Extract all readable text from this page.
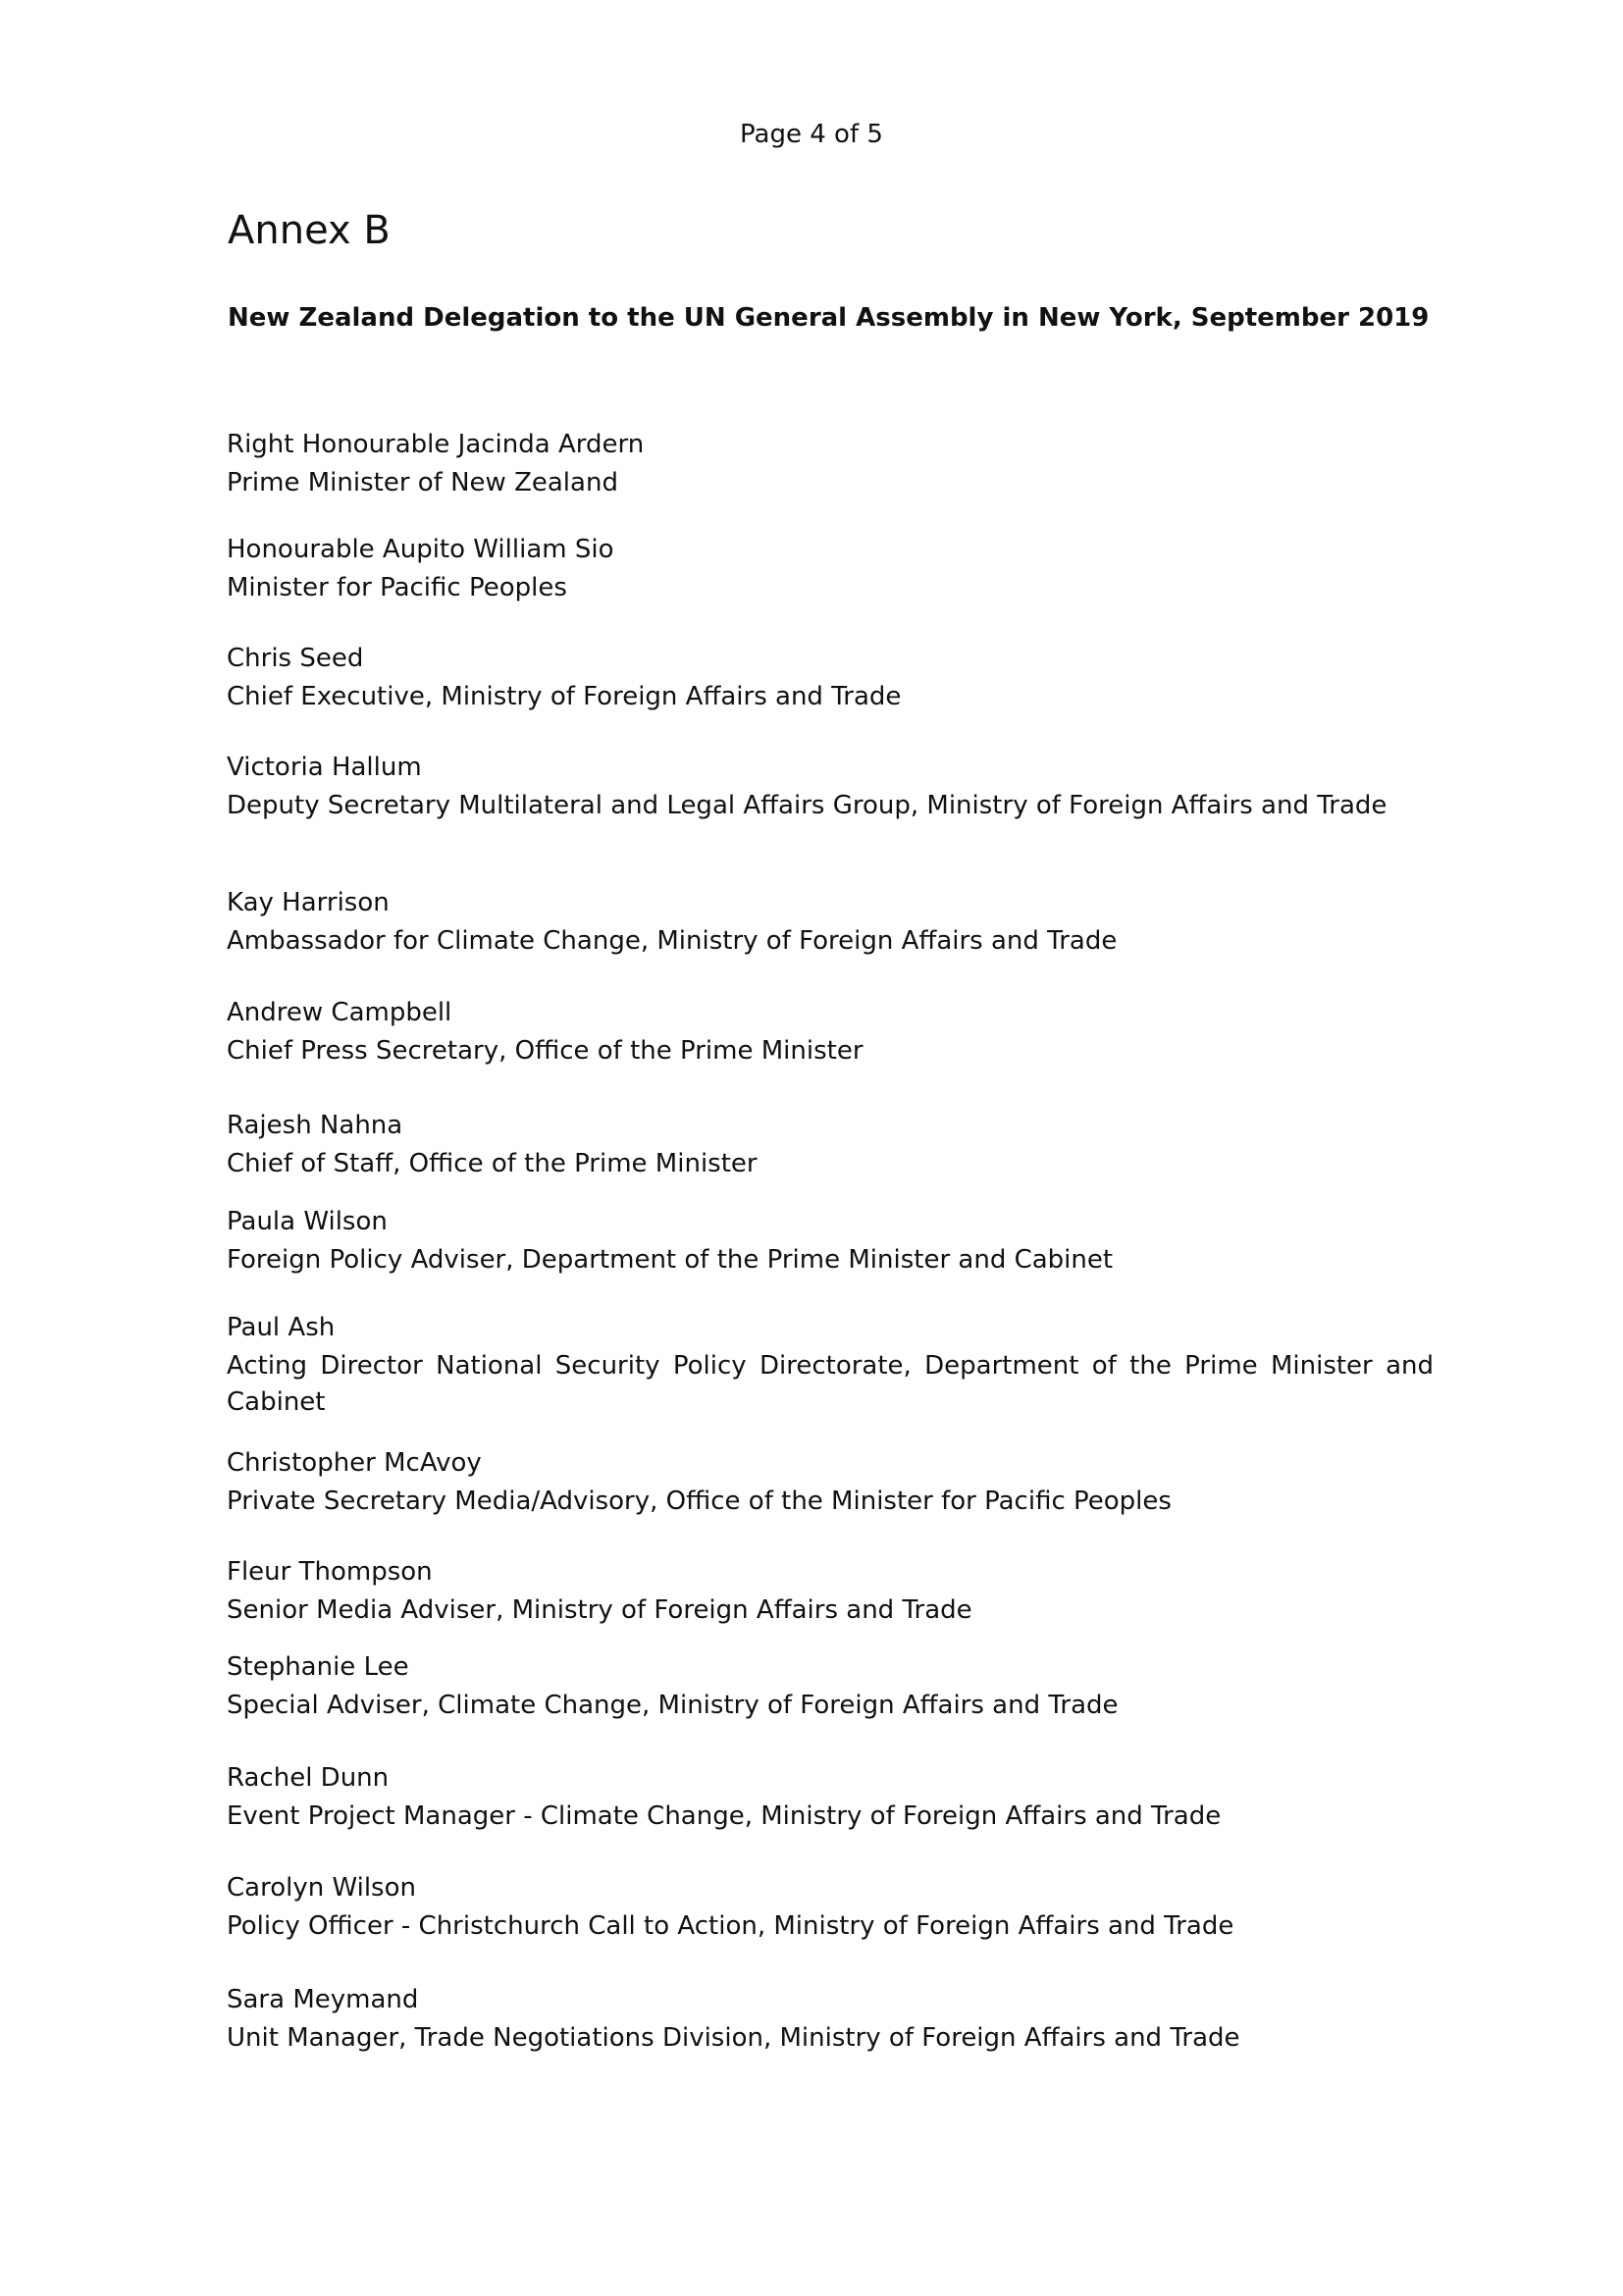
Page 4 of 5
Annex B
New Zealand Delegation to the UN General Assembly in New York, September 2019
Right Honourable Jacinda Ardern
Prime Minister of New Zealand
Honourable Aupito William Sio
Minister for Pacific Peoples
Chris Seed
Chief Executive, Ministry of Foreign Affairs and Trade
Victoria Hallum
Deputy Secretary Multilateral and Legal Affairs Group, Ministry of Foreign Affairs and Trade
Kay Harrison
Ambassador for Climate Change, Ministry of Foreign Affairs and Trade
Andrew Campbell
Chief Press Secretary, Office of the Prime Minister
Rajesh Nahna
Chief of Staff, Office of the Prime Minister
Paula Wilson
Foreign Policy Adviser, Department of the Prime Minister and Cabinet
Paul Ash
Acting Director National Security Policy Directorate, Department of the Prime Minister and Cabinet
Christopher McAvoy
Private Secretary Media/Advisory, Office of the Minister for Pacific Peoples
Fleur Thompson
Senior Media Adviser, Ministry of Foreign Affairs and Trade
Stephanie Lee
Special Adviser, Climate Change, Ministry of Foreign Affairs and Trade
Rachel Dunn
Event Project Manager - Climate Change, Ministry of Foreign Affairs and Trade
Carolyn Wilson
Policy Officer - Christchurch Call to Action, Ministry of Foreign Affairs and Trade
Sara Meymand
Unit Manager, Trade Negotiations Division, Ministry of Foreign Affairs and Trade
